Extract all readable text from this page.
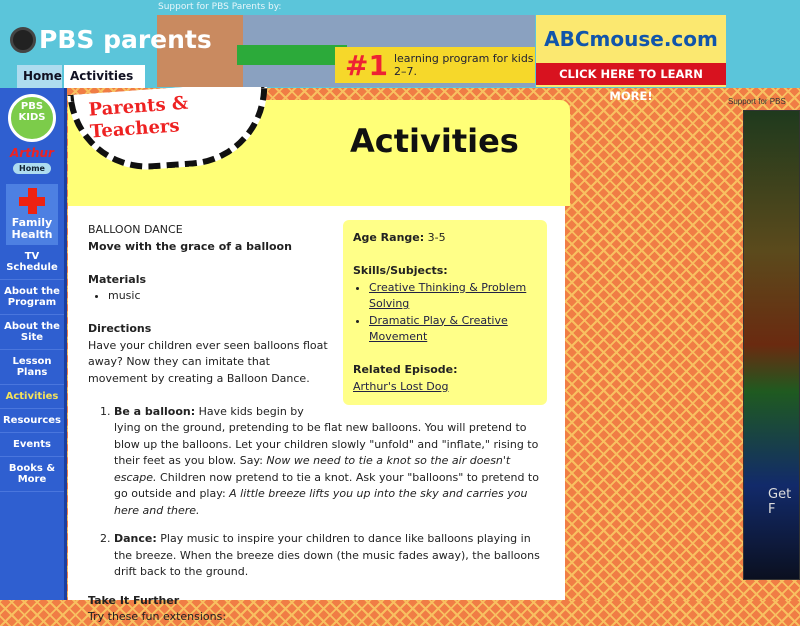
Support for PBS Parents by:
PBS parents
Home Activities	#1 learning program for kids 2–7.
ABCmouse.com
CLICK HERE TO LEARN MORE!
PBS KIDS
Arthur
Home
Family Health
TV Schedule
About the Program
About the Site
Lesson Plans
Activities
Resources
Events
Books & More
Parents & Teachers	Activities

Age Range: 3-5

Skills/Subjects:
• Creative Thinking & Problem Solving
• Dramatic Play & Creative Movement

Related Episode:
Arthur's Lost Dog

BALLOON DANCE

Move with the grace of a balloon

Materials
• music

Directions

Have your children ever seen balloons float away? Now they can imitate that movement by creating a Balloon Dance.

1. Be a balloon: Have kids begin by lying on the ground, pretending to be flat new balloons. You will pretend to blow up the balloons. Let your children slowly "unfold" and "inflate," rising to their feet as you blow. Say: Now we need to tie a knot so the air doesn't escape. Children now pretend to tie a knot. Ask your "balloons" to pretend to go outside and play: A little breeze lifts you up into the sky and carries you here and there.
2. Dance: Play music to inspire your children to dance like balloons playing in the breeze. When the breeze dies down (the music fades away), the balloons drift back to the ground.
Take It Further

Try these fun extensions:

Get F
Support for PBS
